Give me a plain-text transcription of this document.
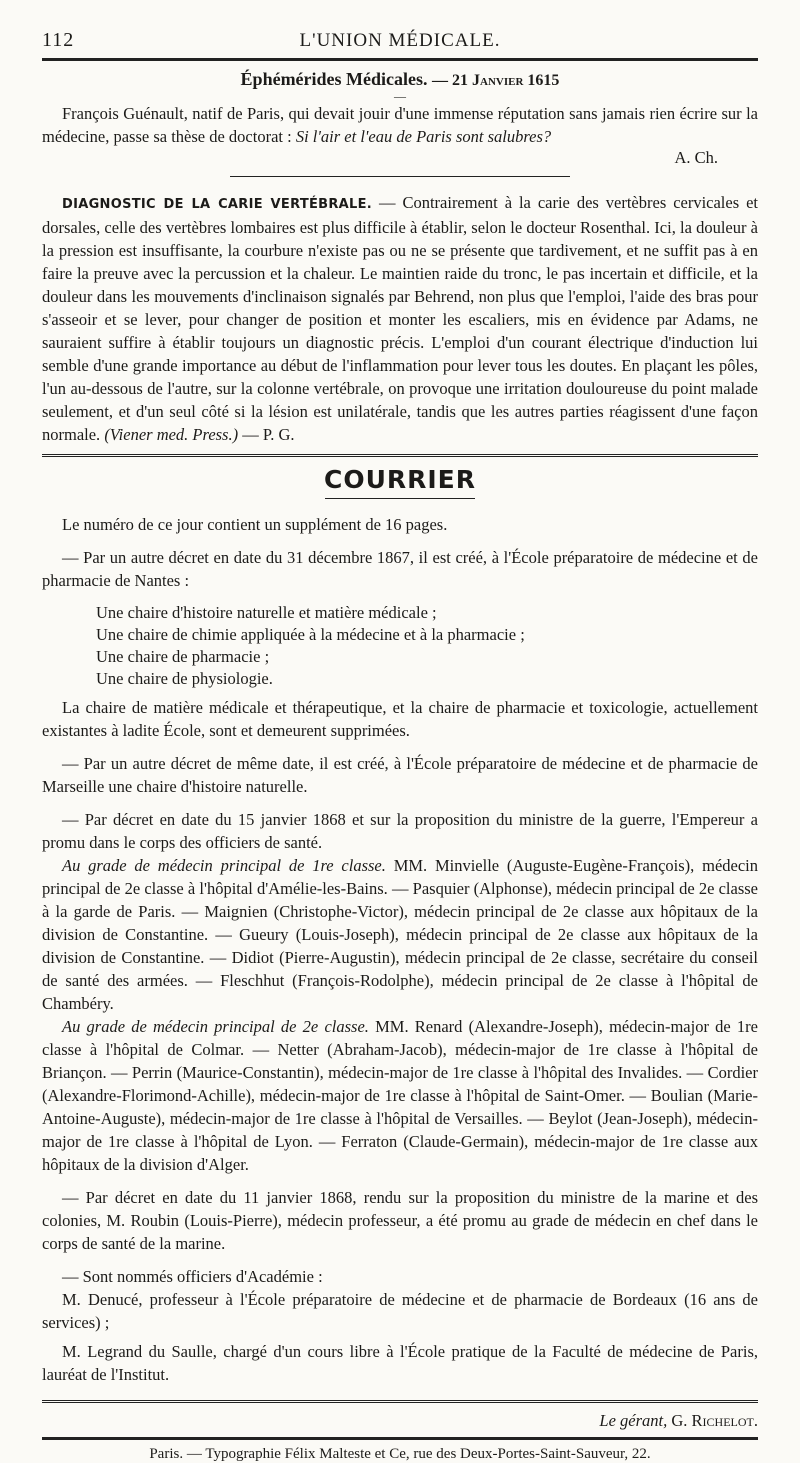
112	L'UNION MÉDICALE.
Éphémérides Médicales. — 21 Janvier 1615
—

François Guénault, natif de Paris, qui devait jouir d'une immense réputation sans jamais rien écrire sur la médecine, passe sa thèse de doctorat : Si l'air et l'eau de Paris sont salubres?

A. Ch.

DIAGNOSTIC DE LA CARIE VERTÉBRALE. — Contrairement à la carie des vertèbres cervicales et dorsales, celle des vertèbres lombaires est plus difficile à établir, selon le docteur Rosenthal. Ici, la douleur à la pression est insuffisante, la courbure n'existe pas ou ne se présente que tardivement, et ne suffit pas à en faire la preuve avec la percussion et la chaleur. Le maintien raide du tronc, le pas incertain et difficile, et la douleur dans les mouvements d'inclinaison signalés par Behrend, non plus que l'emploi, l'aide des bras pour s'asseoir et se lever, pour changer de position et monter les escaliers, mis en évidence par Adams, ne sauraient suffire à établir toujours un diagnostic précis. L'emploi d'un courant électrique d'induction lui semble d'une grande importance au début de l'inflammation pour lever tous les doutes. En plaçant les pôles, l'un au-dessous de l'autre, sur la colonne vertébrale, on provoque une irritation douloureuse du point malade seulement, et d'un seul côté si la lésion est unilatérale, tandis que les autres parties réagissent d'une façon normale. (Viener med. Press.) — P. G.

COURRIER

Le numéro de ce jour contient un supplément de 16 pages.

— Par un autre décret en date du 31 décembre 1867, il est créé, à l'École préparatoire de médecine et de pharmacie de Nantes :

Une chaire d'histoire naturelle et matière médicale ;

Une chaire de chimie appliquée à la médecine et à la pharmacie ;

Une chaire de pharmacie ;

Une chaire de physiologie.

La chaire de matière médicale et thérapeutique, et la chaire de pharmacie et toxicologie, actuellement existantes à ladite École, sont et demeurent supprimées.

— Par un autre décret de même date, il est créé, à l'École préparatoire de médecine et de pharmacie de Marseille une chaire d'histoire naturelle.

— Par décret en date du 15 janvier 1868 et sur la proposition du ministre de la guerre, l'Empereur a promu dans le corps des officiers de santé.

Au grade de médecin principal de 1re classe. MM. Minvielle (Auguste-Eugène-François), médecin principal de 2e classe à l'hôpital d'Amélie-les-Bains. — Pasquier (Alphonse), médecin principal de 2e classe à la garde de Paris. — Maignien (Christophe-Victor), médecin principal de 2e classe aux hôpitaux de la division de Constantine. — Gueury (Louis-Joseph), médecin principal de 2e classe aux hôpitaux de la division de Constantine. — Didiot (Pierre-Augustin), médecin principal de 2e classe, secrétaire du conseil de santé des armées. — Fleschhut (François-Rodolphe), médecin principal de 2e classe à l'hôpital de Chambéry.

Au grade de médecin principal de 2e classe. MM. Renard (Alexandre-Joseph), médecin-major de 1re classe à l'hôpital de Colmar. — Netter (Abraham-Jacob), médecin-major de 1re classe à l'hôpital de Briançon. — Perrin (Maurice-Constantin), médecin-major de 1re classe à l'hôpital des Invalides. — Cordier (Alexandre-Florimond-Achille), médecin-major de 1re classe à l'hôpital de Saint-Omer. — Boulian (Marie-Antoine-Auguste), médecin-major de 1re classe à l'hôpital de Versailles. — Beylot (Jean-Joseph), médecin-major de 1re classe à l'hôpital de Lyon. — Ferraton (Claude-Germain), médecin-major de 1re classe aux hôpitaux de la division d'Alger.

— Par décret en date du 11 janvier 1868, rendu sur la proposition du ministre de la marine et des colonies, M. Roubin (Louis-Pierre), médecin professeur, a été promu au grade de médecin en chef dans le corps de santé de la marine.

— Sont nommés officiers d'Académie :

M. Denucé, professeur à l'École préparatoire de médecine et de pharmacie de Bordeaux (16 ans de services) ;

M. Legrand du Saulle, chargé d'un cours libre à l'École pratique de la Faculté de médecine de Paris, lauréat de l'Institut.

Le gérant, G. Richelot.
Paris. — Typographie Félix Malteste et Ce, rue des Deux-Portes-Saint-Sauveur, 22.
